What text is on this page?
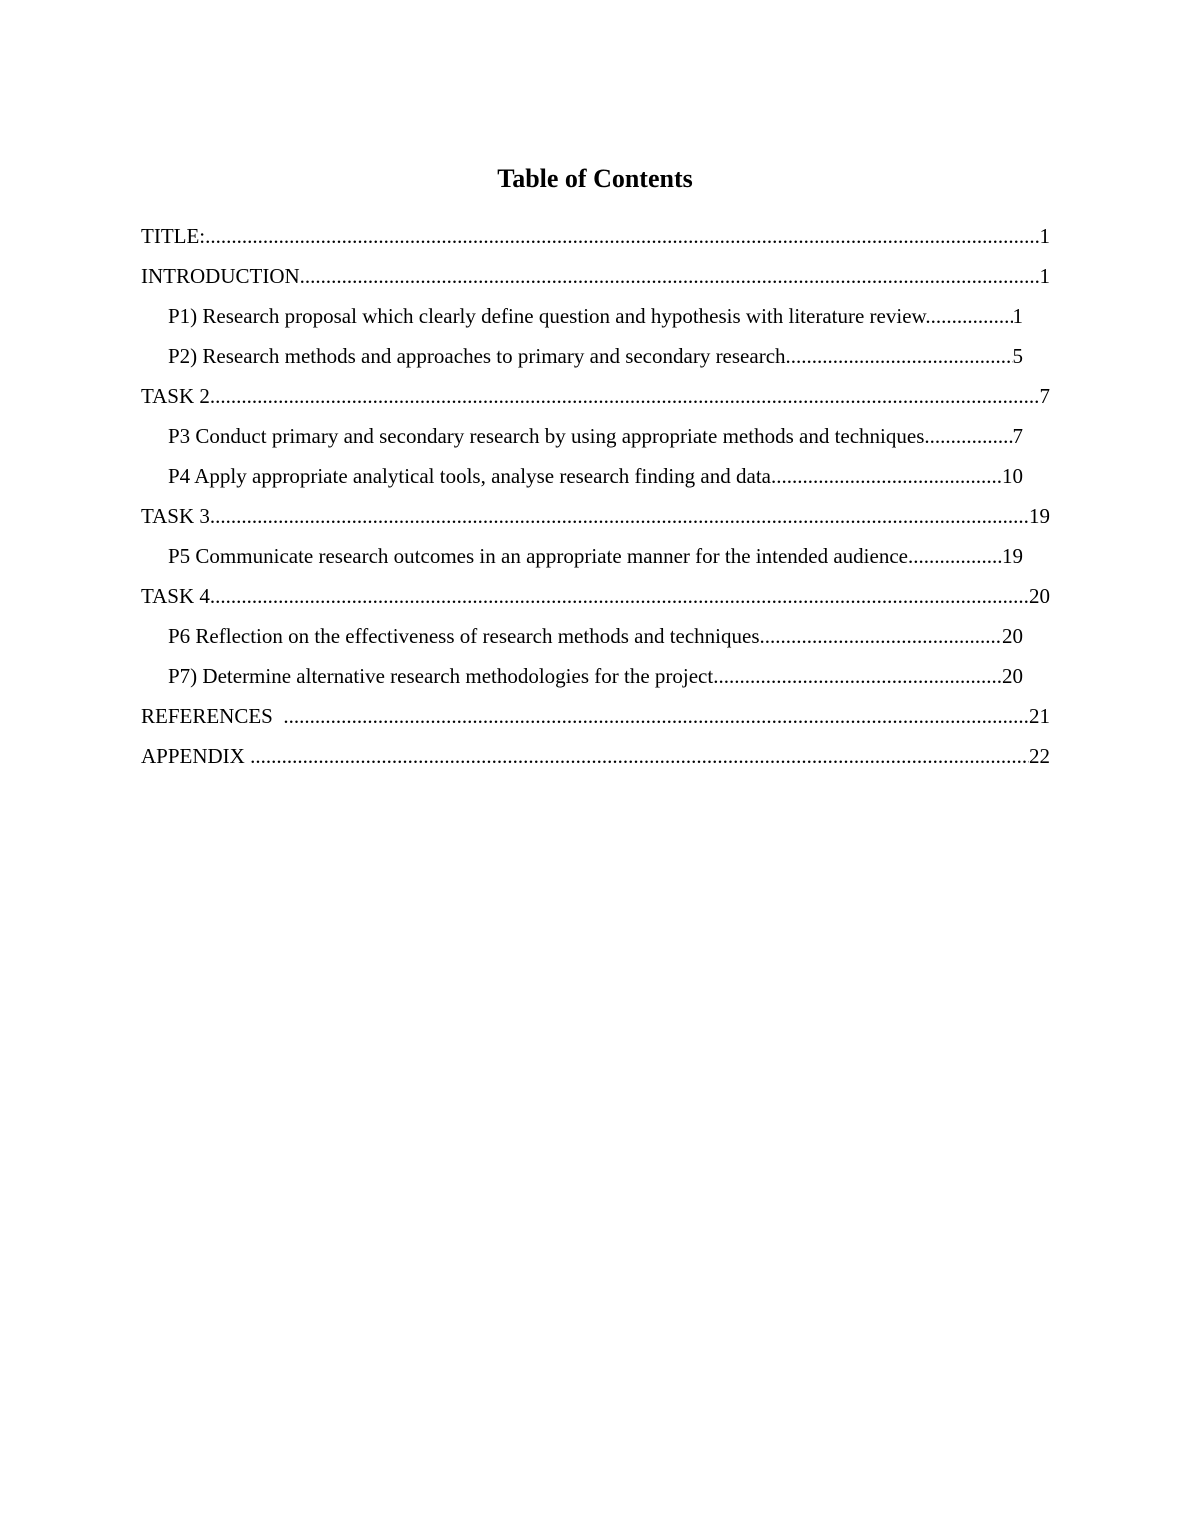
Table of Contents
TITLE: .....	1
INTRODUCTION .....	1
P1) Research proposal which clearly define question and hypothesis with literature review. .....	1
P2) Research methods and approaches to primary and secondary research. .....	5
TASK 2 .....	7
P3 Conduct primary and secondary research by using appropriate methods and techniques .....	7
P4 Apply appropriate analytical tools, analyse research finding and data .....	10
TASK 3 .....	19
P5 Communicate research outcomes in an appropriate manner for the intended audience. .....	19
TASK 4 .....	20
P6 Reflection on the effectiveness of research methods and techniques. .....	20
P7) Determine alternative research methodologies for the project. .....	20
REFERENCES .....	21
APPENDIX .....	22
